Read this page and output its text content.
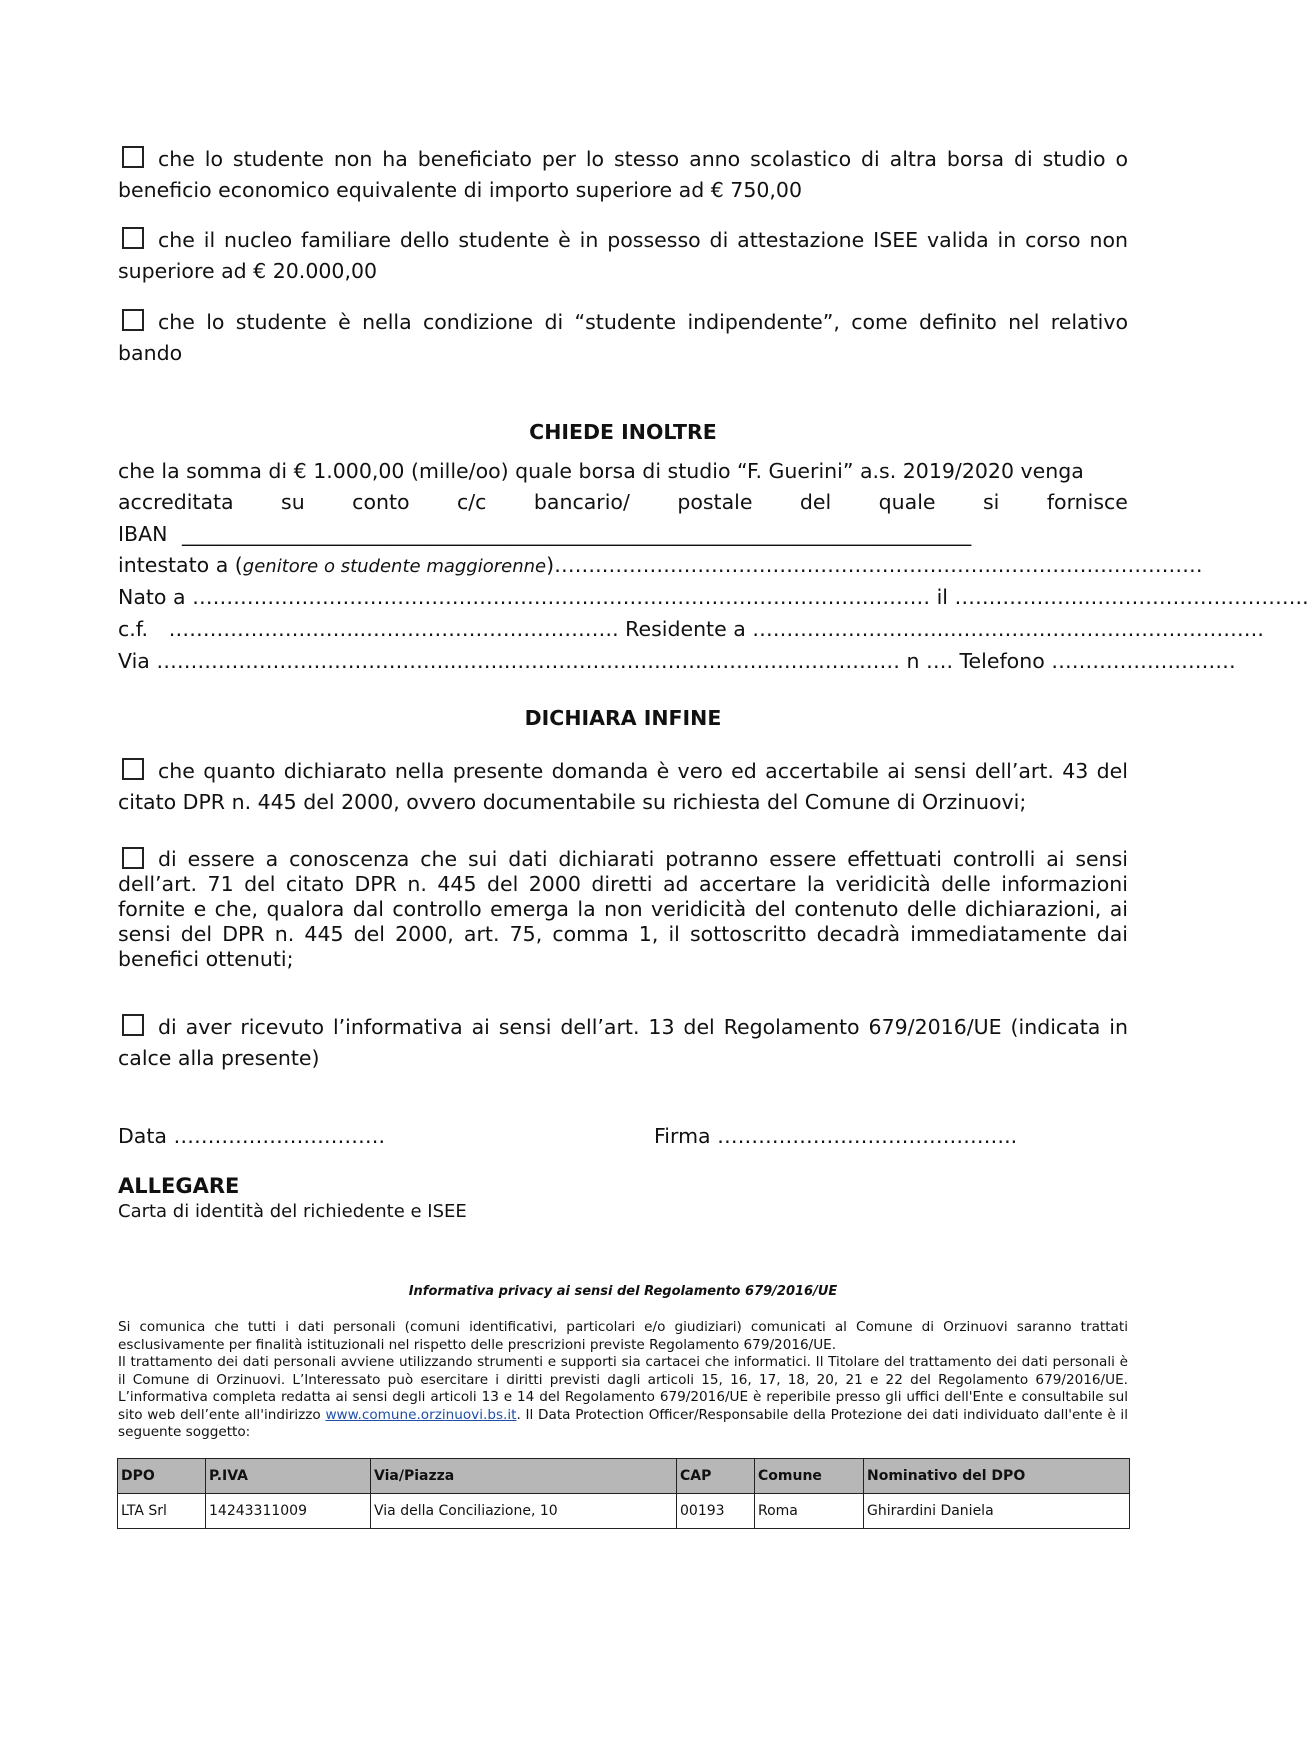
che lo studente non ha beneficiato per lo stesso anno scolastico di altra borsa di studio o beneficio economico equivalente di importo superiore ad € 750,00
che il nucleo familiare dello studente è in possesso di attestazione ISEE valida in corso non superiore ad € 20.000,00
che lo studente è nella condizione di “studente indipendente”, come definito nel relativo bando
CHIEDE INOLTRE
che la somma di € 1.000,00 (mille/oo) quale borsa di studio “F. Guerini” a.s. 2019/2020 venga
accreditata su conto c/c bancario/ postale del quale si fornisce
IBAN _____________________________________________________________________________
intestato a (genitore o studente maggiorenne)…….………………………………………………….…………………………
Nato a ……………………………………………………………………………………………… il ………………..…………………………..
c.f. ………………………..………………………………. Residente a ………………………..……………………………………….
Via ……………………………………..……..………………………………………………… n …. Telefono ………………………
DICHIARA INFINE
che quanto dichiarato nella presente domanda è vero ed accertabile ai sensi dell’art. 43 del citato DPR n. 445 del 2000, ovvero documentabile su richiesta del Comune di Orzinuovi;
di essere a conoscenza che sui dati dichiarati potranno essere effettuati controlli ai sensi dell’art. 71 del citato DPR n. 445 del 2000 diretti ad accertare la veridicità delle informazioni fornite e che, qualora dal controllo emerga la non veridicità del contenuto delle dichiarazioni, ai sensi del DPR n. 445 del 2000, art. 75, comma 1, il sottoscritto decadrà immediatamente dai benefici ottenuti;
di aver ricevuto l’informativa ai sensi dell’art. 13 del Regolamento 679/2016/UE (indicata in calce alla presente)
Data ………………………….	Firma ……………………………………..
ALLEGARE
Carta di identità del richiedente e ISEE
Informativa privacy ai sensi del Regolamento 679/2016/UE

Si comunica che tutti i dati personali (comuni identificativi, particolari e/o giudiziari) comunicati al Comune di Orzinuovi saranno trattati esclusivamente per finalità istituzionali nel rispetto delle prescrizioni previste Regolamento 679/2016/UE.

Il trattamento dei dati personali avviene utilizzando strumenti e supporti sia cartacei che informatici. Il Titolare del trattamento dei dati personali è il Comune di Orzinuovi. L’Interessato può esercitare i diritti previsti dagli articoli 15, 16, 17, 18, 20, 21 e 22 del Regolamento 679/2016/UE. L’informativa completa redatta ai sensi degli articoli 13 e 14 del Regolamento 679/2016/UE è reperibile presso gli uffici dell'Ente e consultabile sul sito web dell’ente all'indirizzo www.comune.orzinuovi.bs.it. Il Data Protection Officer/Responsabile della Protezione dei dati individuato dall'ente è il seguente soggetto:

DPO	P.IVA	Via/Piazza	CAP	Comune	Nominativo del DPO
LTA Srl	14243311009	Via della Conciliazione, 10	00193	Roma	Ghirardini Daniela
